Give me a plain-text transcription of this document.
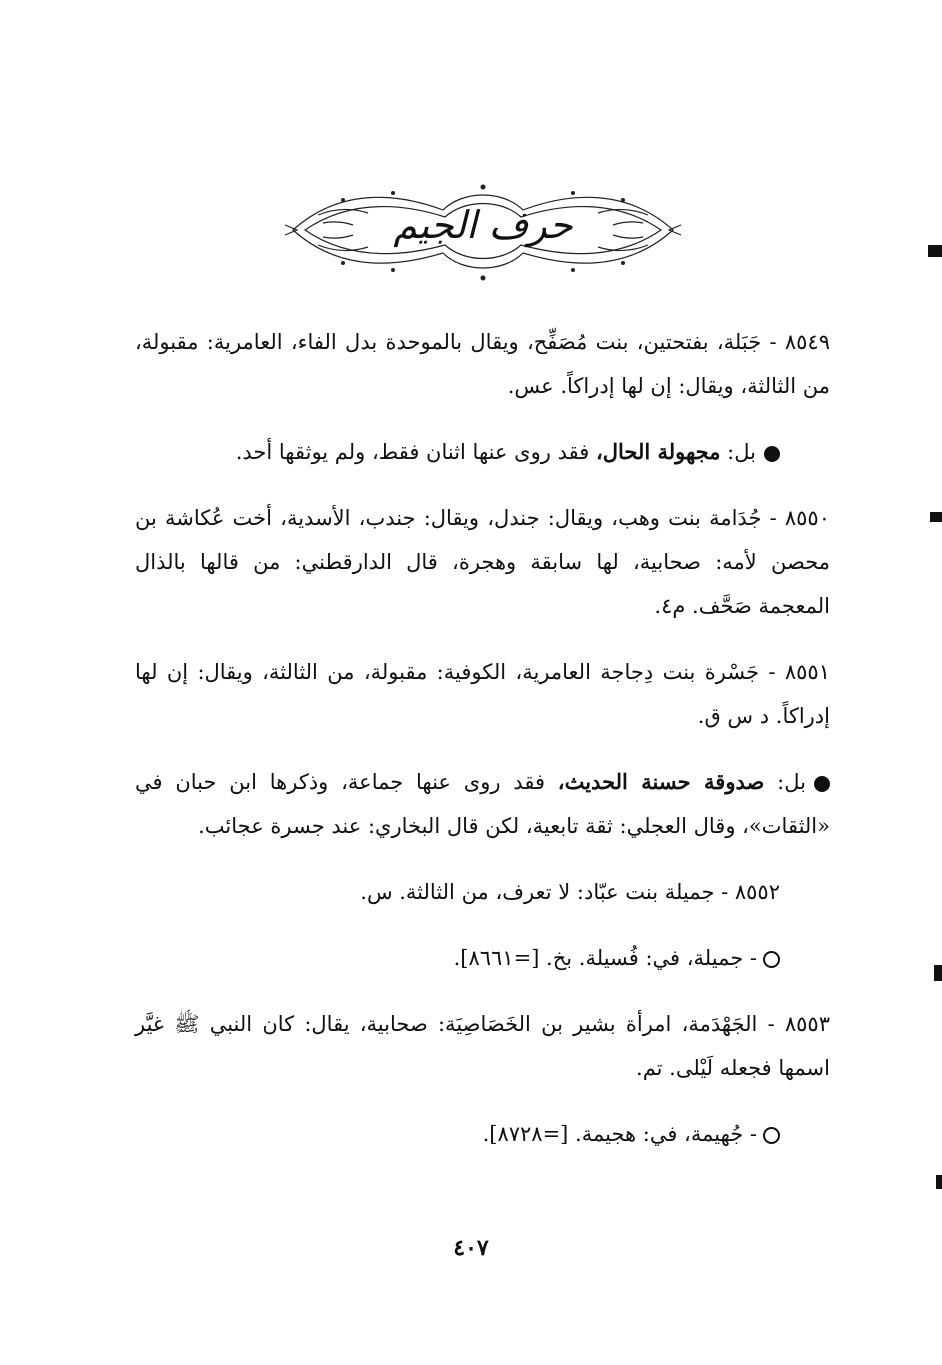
حرف الجيم

٨٥٤٩ - جَبَلة، بفتحتين، بنت مُصَفِّح، ويقال بالموحدة بدل الفاء، العامرية: مقبولة، من الثالثة، ويقال: إن لها إدراكاً. عس.

بل: مجهولة الحال، فقد روى عنها اثنان فقط، ولم يوثقها أحد.

٨٥٥٠ - جُدَامة بنت وهب، ويقال: جندل، ويقال: جندب، الأسدية، أخت عُكاشة بن محصن لأمه: صحابية، لها سابقة وهجرة، قال الدارقطني: من قالها بالذال المعجمة صَحَّف. م٤.

٨٥٥١ - جَسْرة بنت دِجاجة العامرية، الكوفية: مقبولة، من الثالثة، ويقال: إن لها إدراكاً. د س ق.

بل: صدوقة حسنة الحديث، فقد روى عنها جماعة، وذكرها ابن حبان في «الثقات»، وقال العجلي: ثقة تابعية، لكن قال البخاري: عند جسرة عجائب.

٨٥٥٢ - جميلة بنت عبّاد: لا تعرف، من الثالثة. س.

- جميلة، في: فُسيلة. بخ. [=٨٦٦١].

٨٥٥٣ - الجَهْدَمة، امرأة بشير بن الخَصَاصِيَة: صحابية، يقال: كان النبي ﷺ غيَّر اسمها فجعله لَيْلى. تم.

- جُهيمة، في: هجيمة. [=٨٧٢٨].

٤٠٧
